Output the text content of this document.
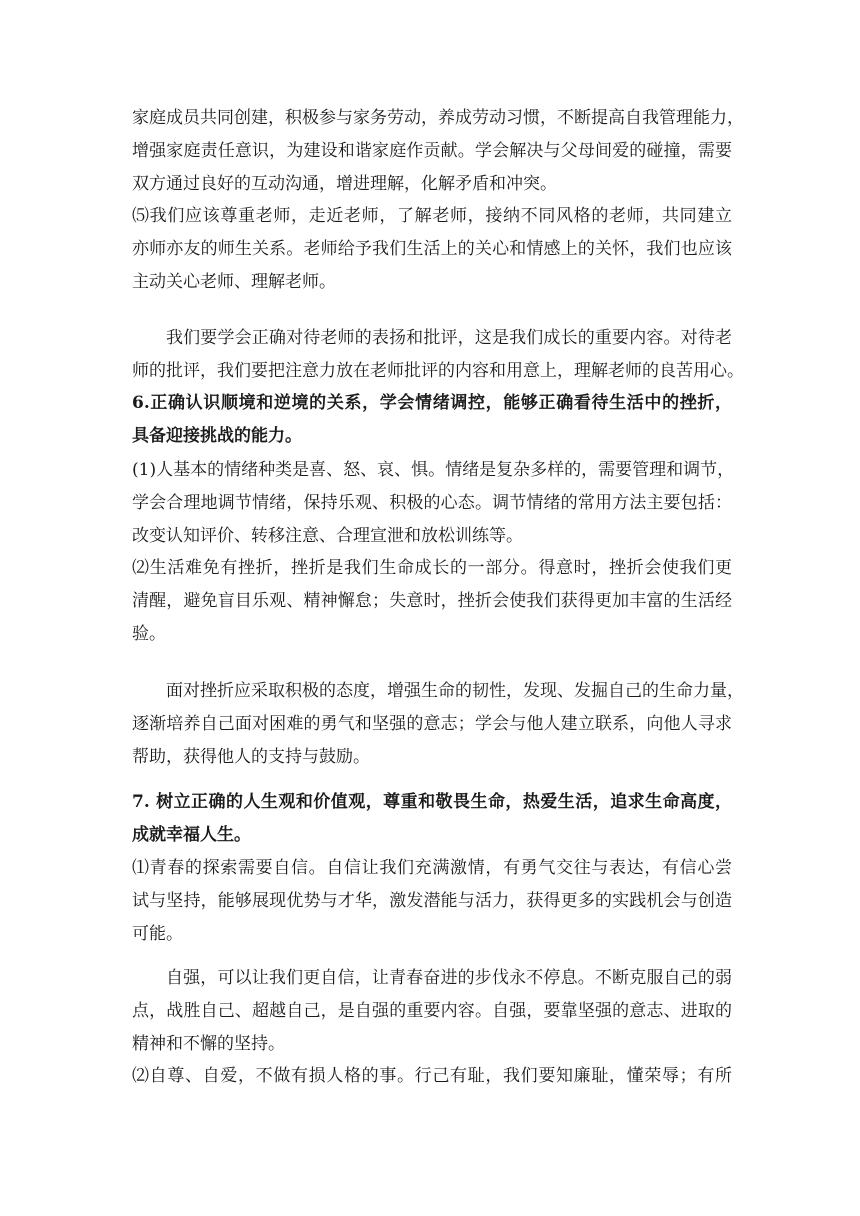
家庭成员共同创建，积极参与家务劳动，养成劳动习惯，不断提高自我管理能力，
增强家庭责任意识，为建设和谐家庭作贡献。学会解决与父母间爱的碰撞，需要
双方通过良好的互动沟通，增进理解，化解矛盾和冲突。
⑸我们应该尊重老师，走近老师，了解老师，接纳不同风格的老师，共同建立
亦师亦友的师生关系。老师给予我们生活上的关心和情感上的关怀，我们也应该
主动关心老师、理解老师。
我们要学会正确对待老师的表扬和批评，这是我们成长的重要内容。对待老
师的批评，我们要把注意力放在老师批评的内容和用意上，理解老师的良苦用心。
6.正确认识顺境和逆境的关系，学会情绪调控，能够正确看待生活中的挫折，
具备迎接挑战的能力。
(1)人基本的情绪种类是喜、怒、哀、惧。情绪是复杂多样的，需要管理和调节，
学会合理地调节情绪，保持乐观、积极的心态。调节情绪的常用方法主要包括：
改变认知评价、转移注意、合理宣泄和放松训练等。
⑵生活难免有挫折，挫折是我们生命成长的一部分。得意时，挫折会使我们更
清醒，避免盲目乐观、精神懈怠；失意时，挫折会使我们获得更加丰富的生活经
验。
面对挫折应采取积极的态度，增强生命的韧性，发现、发掘自己的生命力量，
逐渐培养自己面对困难的勇气和坚强的意志；学会与他人建立联系，向他人寻求
帮助，获得他人的支持与鼓励。
7. 树立正确的人生观和价值观，尊重和敬畏生命，热爱生活，追求生命高度，
成就幸福人生。
⑴青春的探索需要自信。自信让我们充满激情，有勇气交往与表达，有信心尝
试与坚持，能够展现优势与才华，激发潜能与活力，获得更多的实践机会与创造
可能。
自强，可以让我们更自信，让青春奋进的步伐永不停息。不断克服自己的弱
点，战胜自己、超越自己，是自强的重要内容。自强，要靠坚强的意志、进取的
精神和不懈的坚持。
⑵自尊、自爱，不做有损人格的事。行己有耻，我们要知廉耻，懂荣辱；有所
